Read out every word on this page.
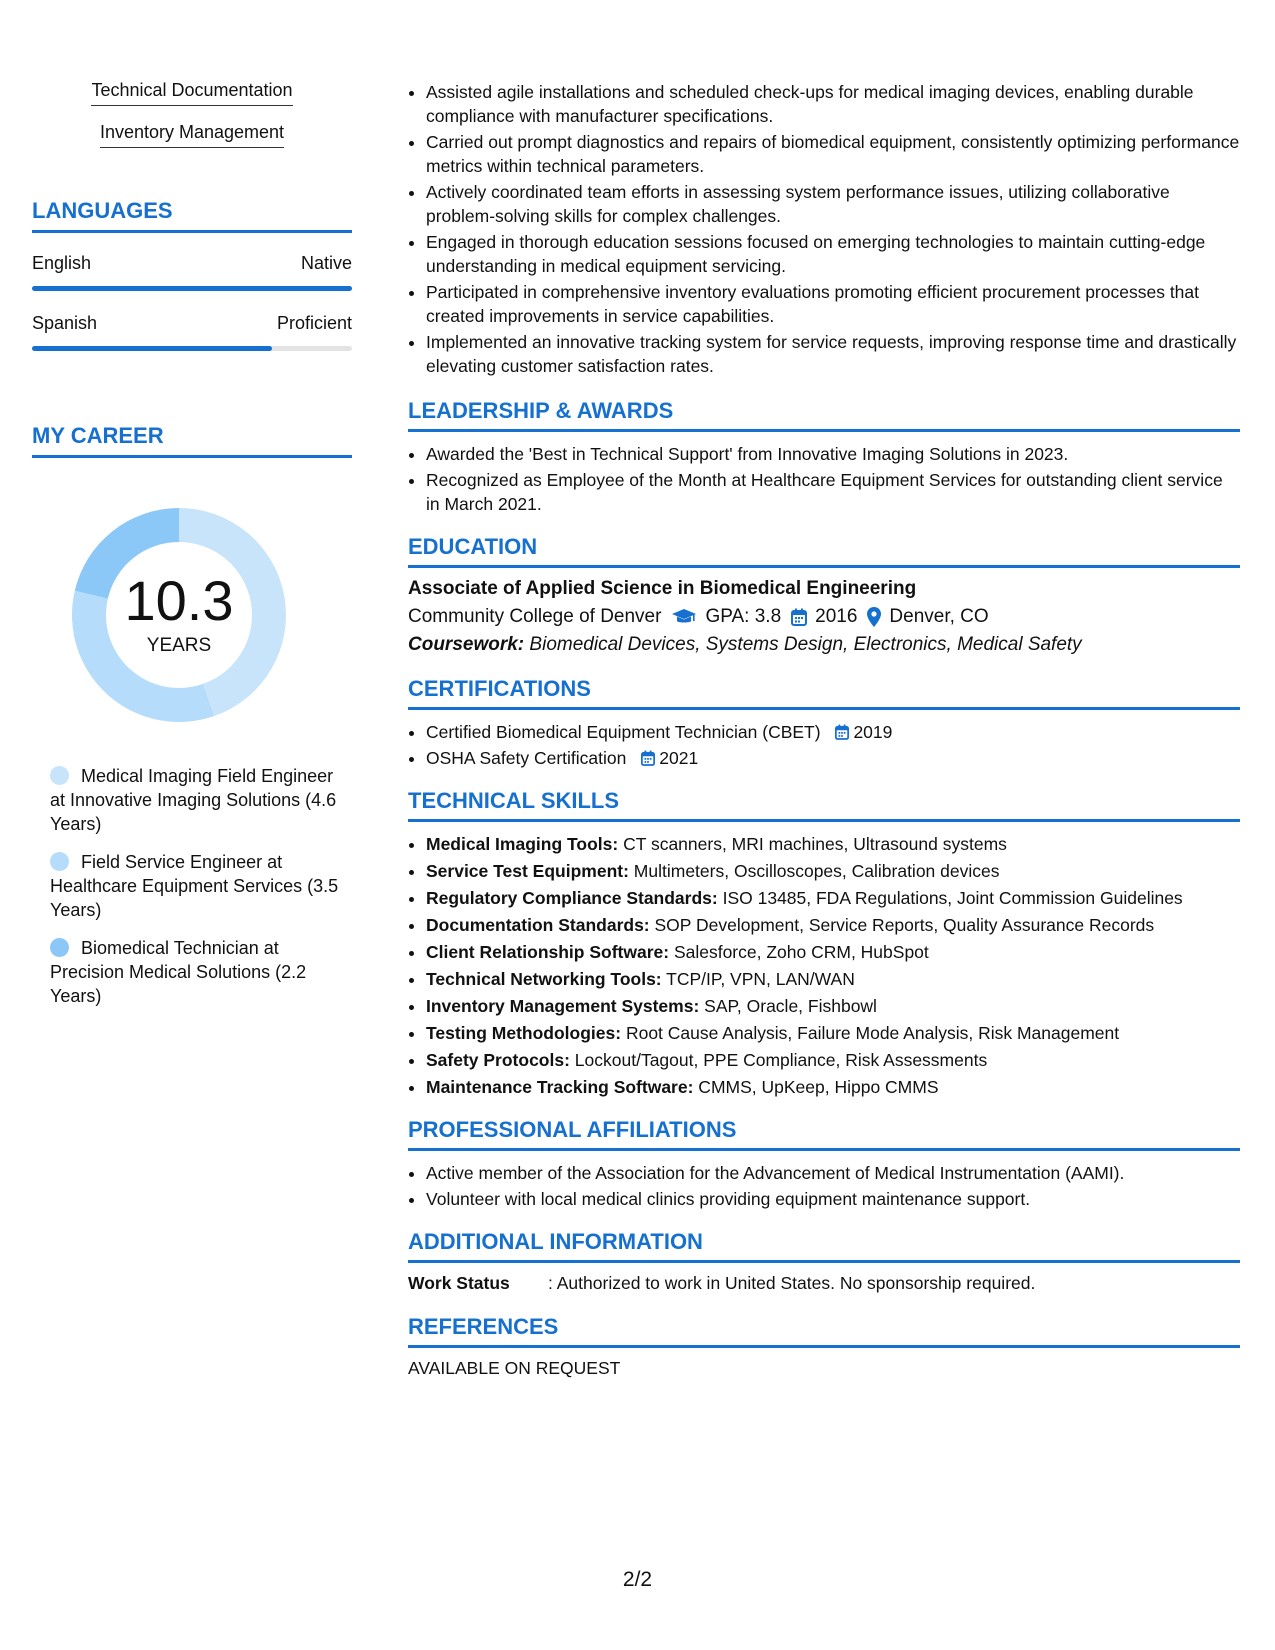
Technical Documentation
Inventory Management
LANGUAGES
English	Native
Spanish	Proficient
MY CAREER
10.3
YEARS
Medical Imaging Field Engineer at Innovative Imaging Solutions (4.6 Years)
Field Service Engineer at Healthcare Equipment Services (3.5 Years)
Biomedical Technician at Precision Medical Solutions (2.2 Years)
• Assisted agile installations and scheduled check-ups for medical imaging devices, enabling durable compliance with manufacturer specifications.
• Carried out prompt diagnostics and repairs of biomedical equipment, consistently optimizing performance metrics within technical parameters.
• Actively coordinated team efforts in assessing system performance issues, utilizing collaborative problem-solving skills for complex challenges.
• Engaged in thorough education sessions focused on emerging technologies to maintain cutting-edge understanding in medical equipment servicing.
• Participated in comprehensive inventory evaluations promoting efficient procurement processes that created improvements in service capabilities.
• Implemented an innovative tracking system for service requests, improving response time and drastically elevating customer satisfaction rates.
LEADERSHIP & AWARDS
• Awarded the 'Best in Technical Support' from Innovative Imaging Solutions in 2023.
• Recognized as Employee of the Month at Healthcare Equipment Services for outstanding client service in March 2021.
EDUCATION
Associate of Applied Science in Biomedical Engineering
Community College of Denver GPA: 3.8 2016 Denver, CO
Coursework: Biomedical Devices, Systems Design, Electronics, Medical Safety
CERTIFICATIONS
• Certified Biomedical Equipment Technician (CBET) 2019
• OSHA Safety Certification 2021
TECHNICAL SKILLS
• Medical Imaging Tools: CT scanners, MRI machines, Ultrasound systems
• Service Test Equipment: Multimeters, Oscilloscopes, Calibration devices
• Regulatory Compliance Standards: ISO 13485, FDA Regulations, Joint Commission Guidelines
• Documentation Standards: SOP Development, Service Reports, Quality Assurance Records
• Client Relationship Software: Salesforce, Zoho CRM, HubSpot
• Technical Networking Tools: TCP/IP, VPN, LAN/WAN
• Inventory Management Systems: SAP, Oracle, Fishbowl
• Testing Methodologies: Root Cause Analysis, Failure Mode Analysis, Risk Management
• Safety Protocols: Lockout/Tagout, PPE Compliance, Risk Assessments
• Maintenance Tracking Software: CMMS, UpKeep, Hippo CMMS
PROFESSIONAL AFFILIATIONS
• Active member of the Association for the Advancement of Medical Instrumentation (AAMI).
• Volunteer with local medical clinics providing equipment maintenance support.
ADDITIONAL INFORMATION
Work Status	: Authorized to work in United States. No sponsorship required.
REFERENCES
AVAILABLE ON REQUEST
2/2
